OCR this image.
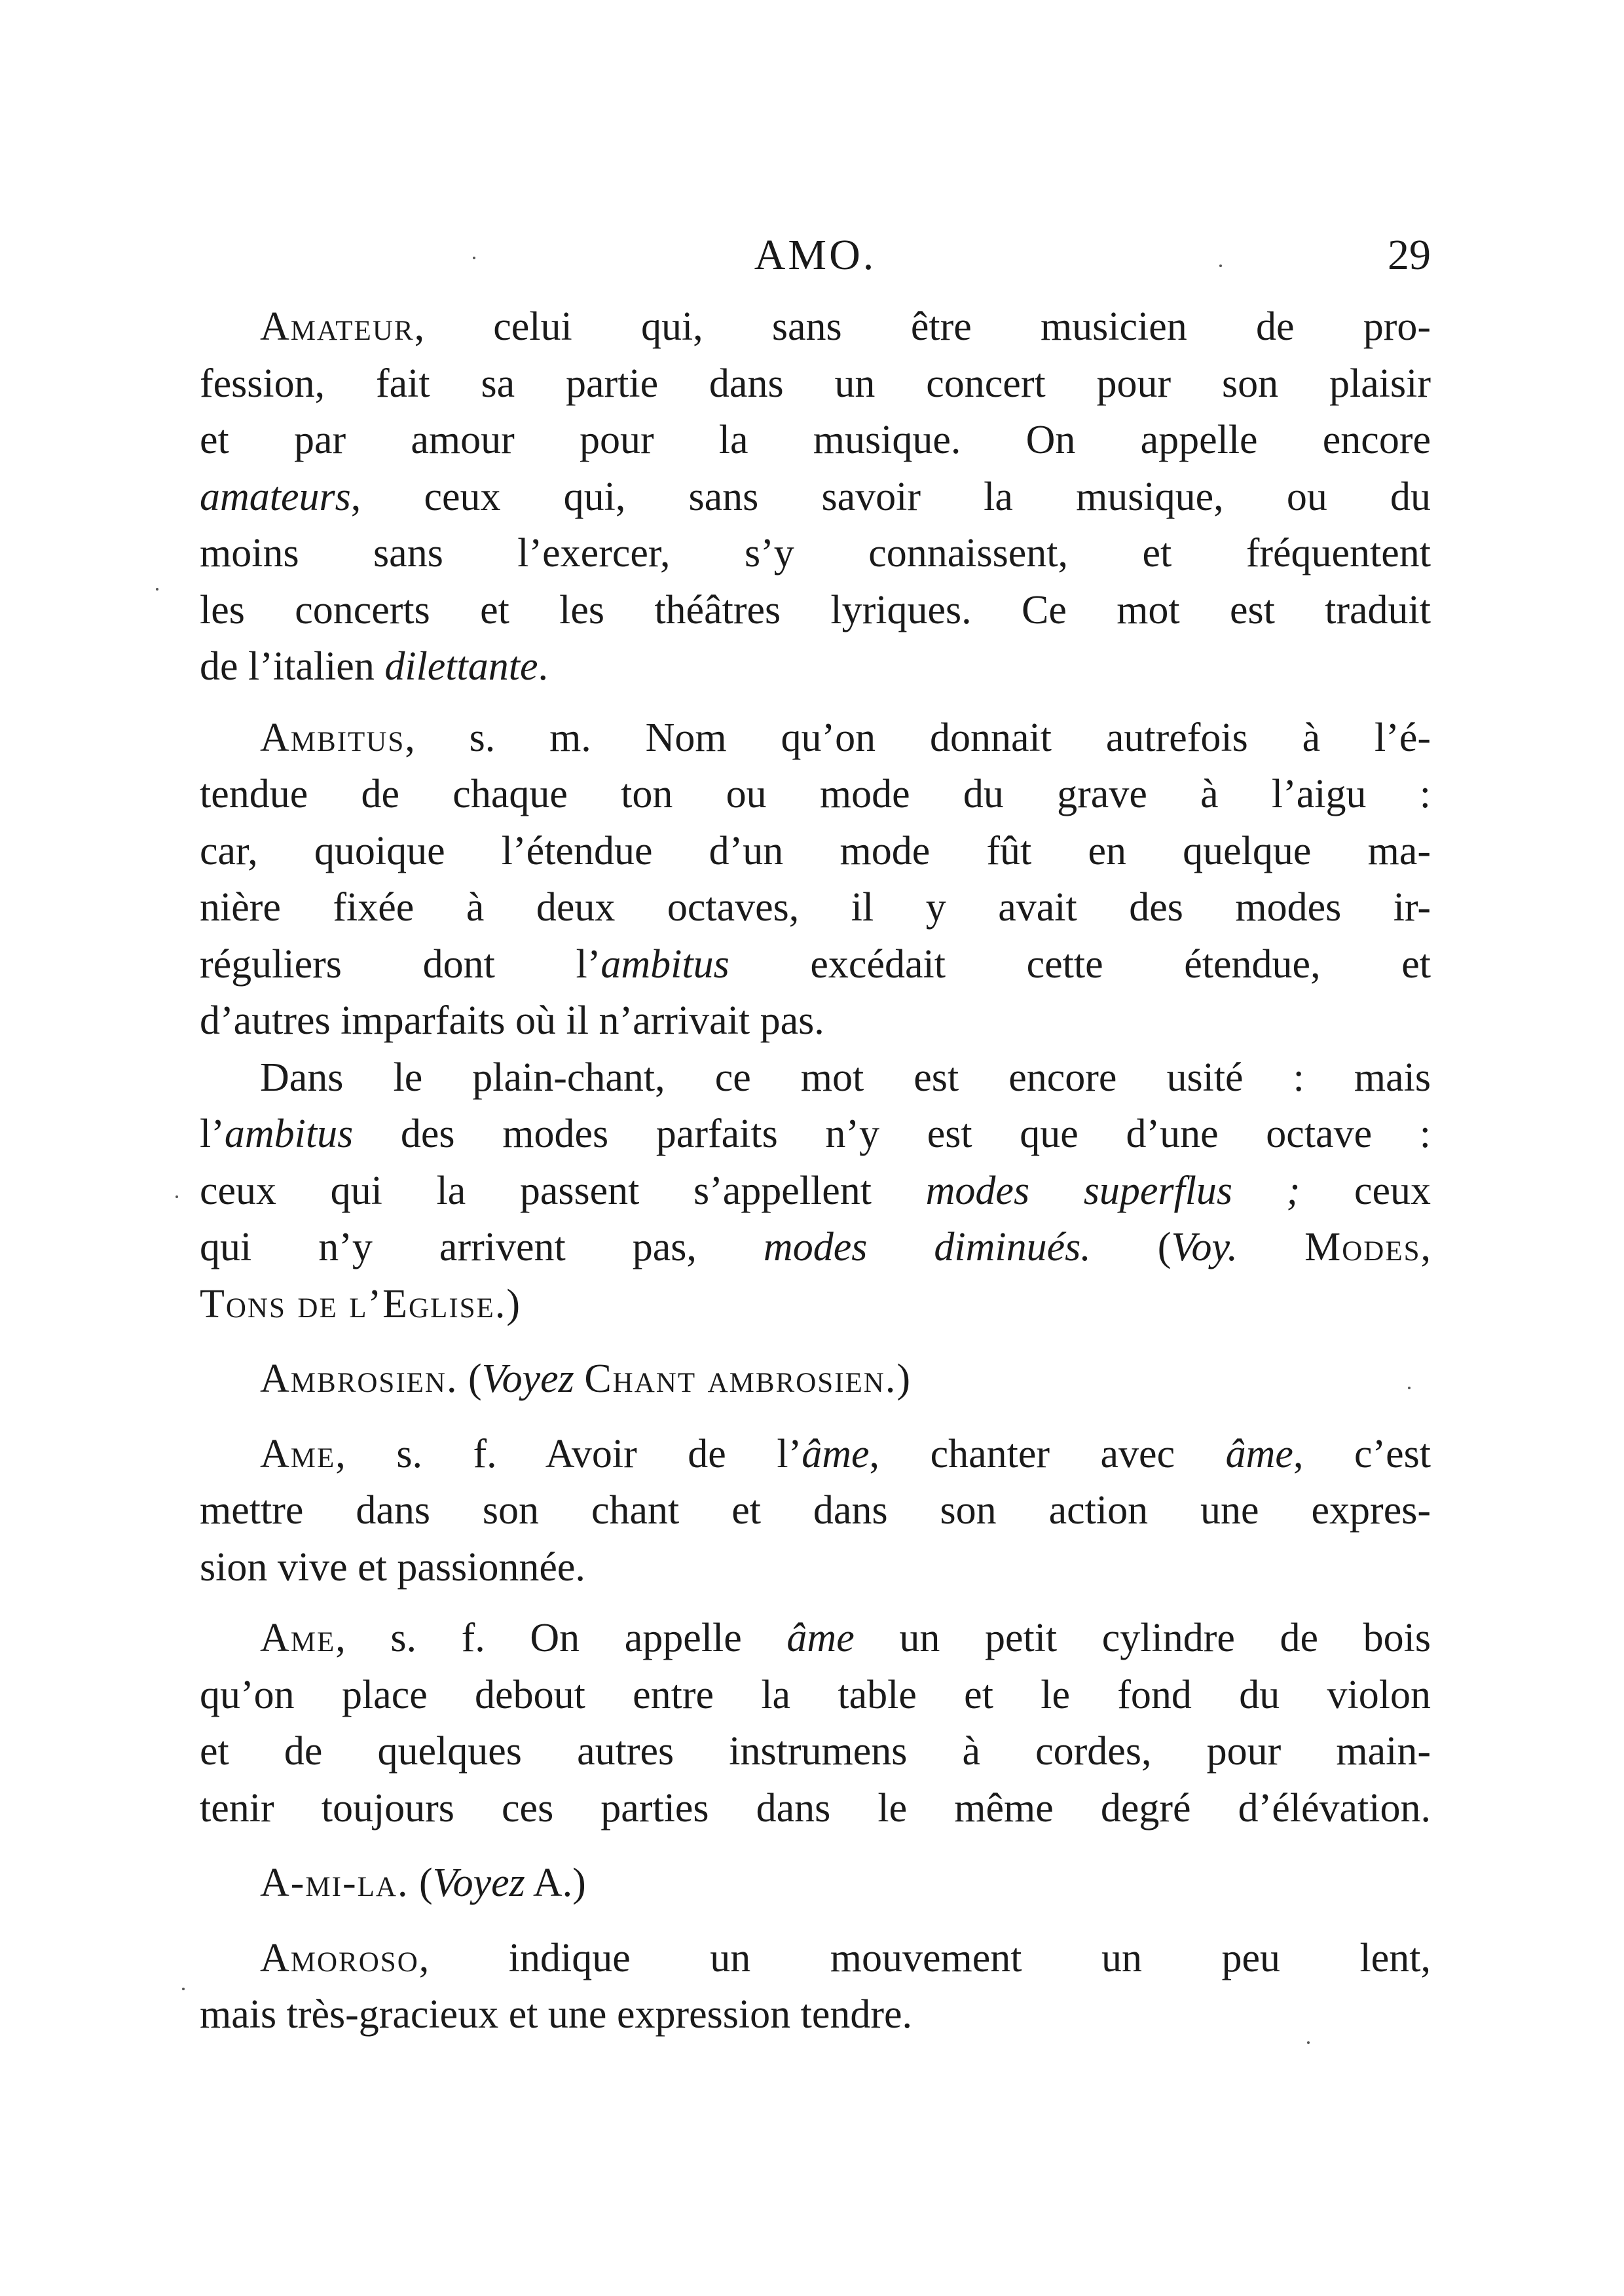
AMO.	29
Amateur, celui qui, sans être musicien de pro-
fession, fait sa partie dans un concert pour son plaisir
et par amour pour la musique. On appelle encore
amateurs, ceux qui, sans savoir la musique, ou du
moins sans l’exercer, s’y connaissent, et fréquentent
les concerts et les théâtres lyriques. Ce mot est traduit
de l’italien dilettante.
Ambitus, s. m. Nom qu’on donnait autrefois à l’é-
tendue de chaque ton ou mode du grave à l’aigu :
car, quoique l’étendue d’un mode fût en quelque ma-
nière fixée à deux octaves, il y avait des modes ir-
réguliers dont l’ambitus excédait cette étendue, et
d’autres imparfaits où il n’arrivait pas.
Dans le plain-chant, ce mot est encore usité : mais
l’ambitus des modes parfaits n’y est que d’une octave :
ceux qui la passent s’appellent modes superflus ; ceux
qui n’y arrivent pas, modes diminués. (Voy. Modes,
Tons de l’Eglise.)
Ambrosien. (Voyez Chant ambrosien.)
Ame, s. f. Avoir de l’âme, chanter avec âme, c’est
mettre dans son chant et dans son action une expres-
sion vive et passionnée.
Ame, s. f. On appelle âme un petit cylindre de bois
qu’on place debout entre la table et le fond du violon
et de quelques autres instrumens à cordes, pour main-
tenir toujours ces parties dans le même degré d’élévation.
A-mi-la. (Voyez A.)
Amoroso, indique un mouvement un peu lent,
mais très-gracieux et une expression tendre.
